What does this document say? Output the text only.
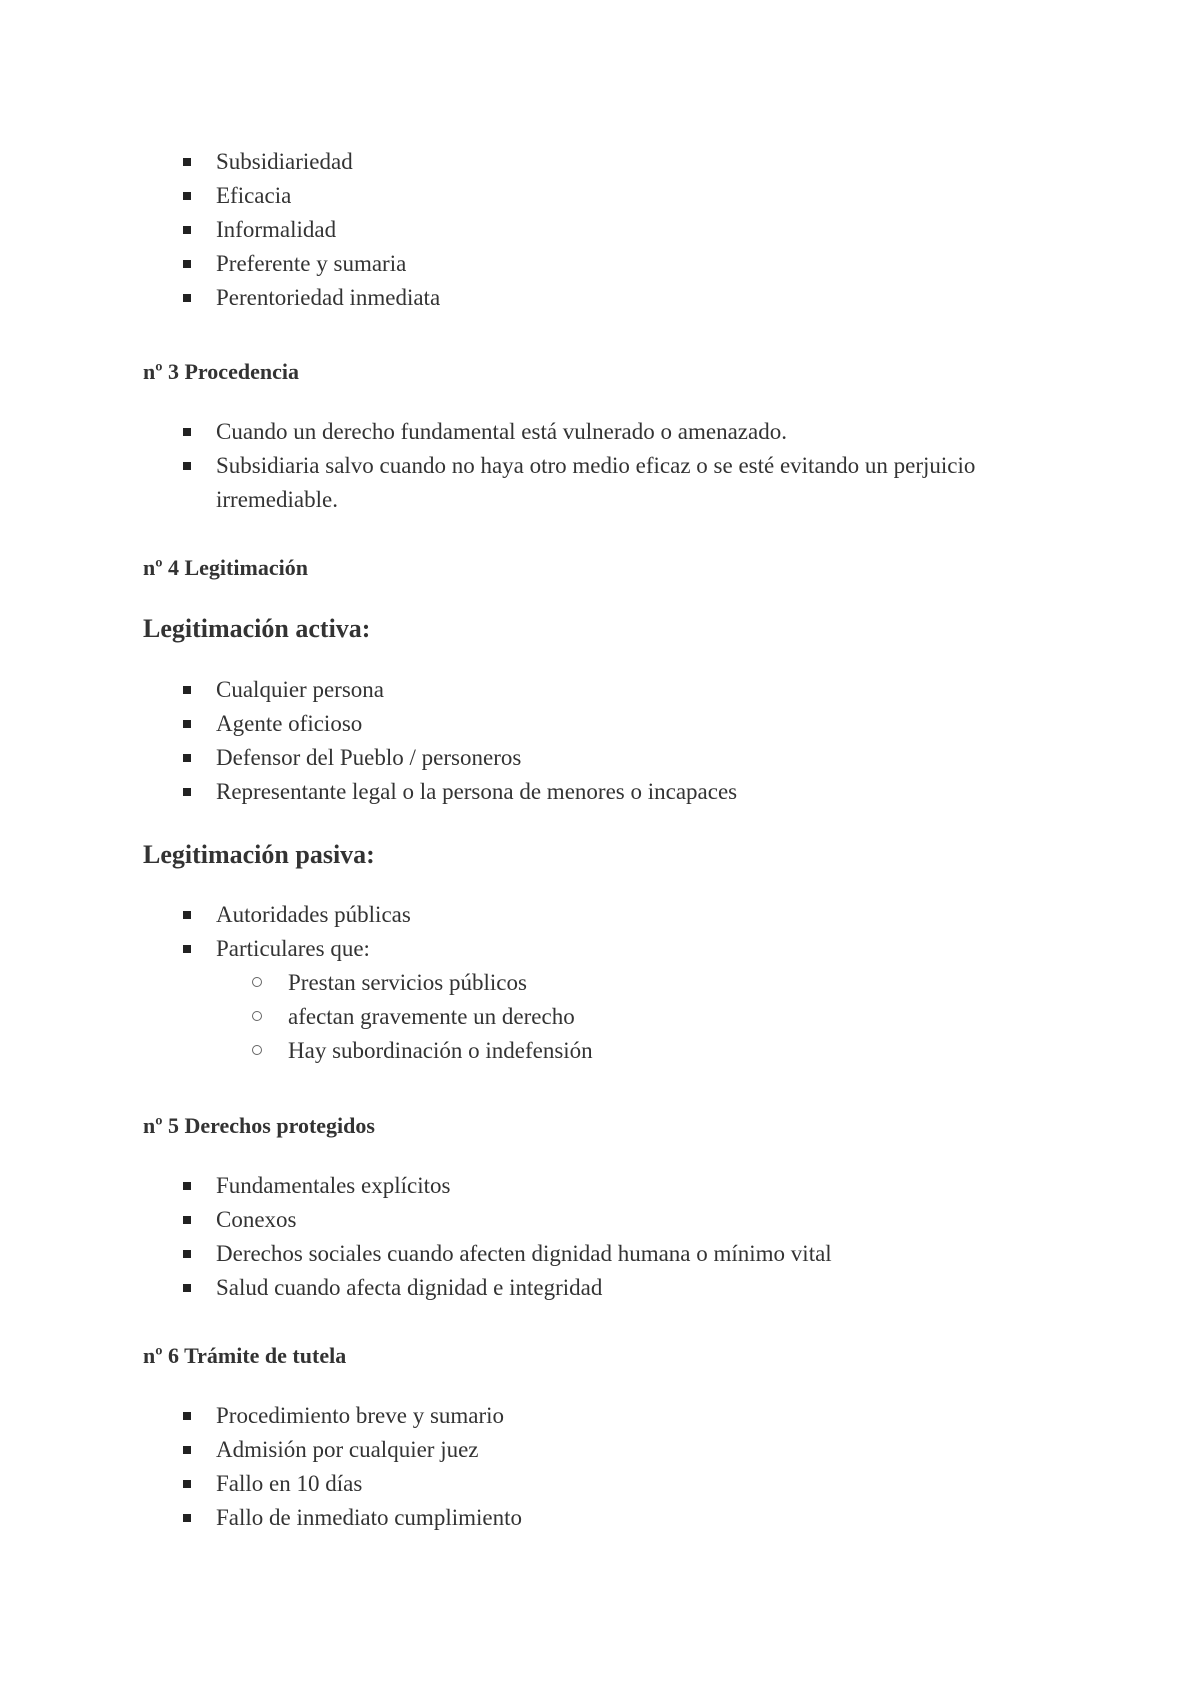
Subsidiariedad
Eficacia
Informalidad
Preferente y sumaria
Perentoriedad inmediata
nº 3 Procedencia
Cuando un derecho fundamental está vulnerado o amenazado.
Subsidiaria salvo cuando no haya otro medio eficaz o se esté evitando un perjuicio irremediable.
nº 4 Legitimación
Legitimación activa:
Cualquier persona
Agente oficioso
Defensor del Pueblo / personeros
Representante legal o la persona de menores o incapaces
Legitimación pasiva:
Autoridades públicas
Particulares que:
Prestan servicios públicos
afectan gravemente un derecho
Hay subordinación o indefensión
nº 5 Derechos protegidos
Fundamentales explícitos
Conexos
Derechos sociales cuando afecten dignidad humana o mínimo vital
Salud cuando afecta dignidad e integridad
nº 6 Trámite de tutela
Procedimiento breve y sumario
Admisión por cualquier juez
Fallo en 10 días
Fallo de inmediato cumplimiento
